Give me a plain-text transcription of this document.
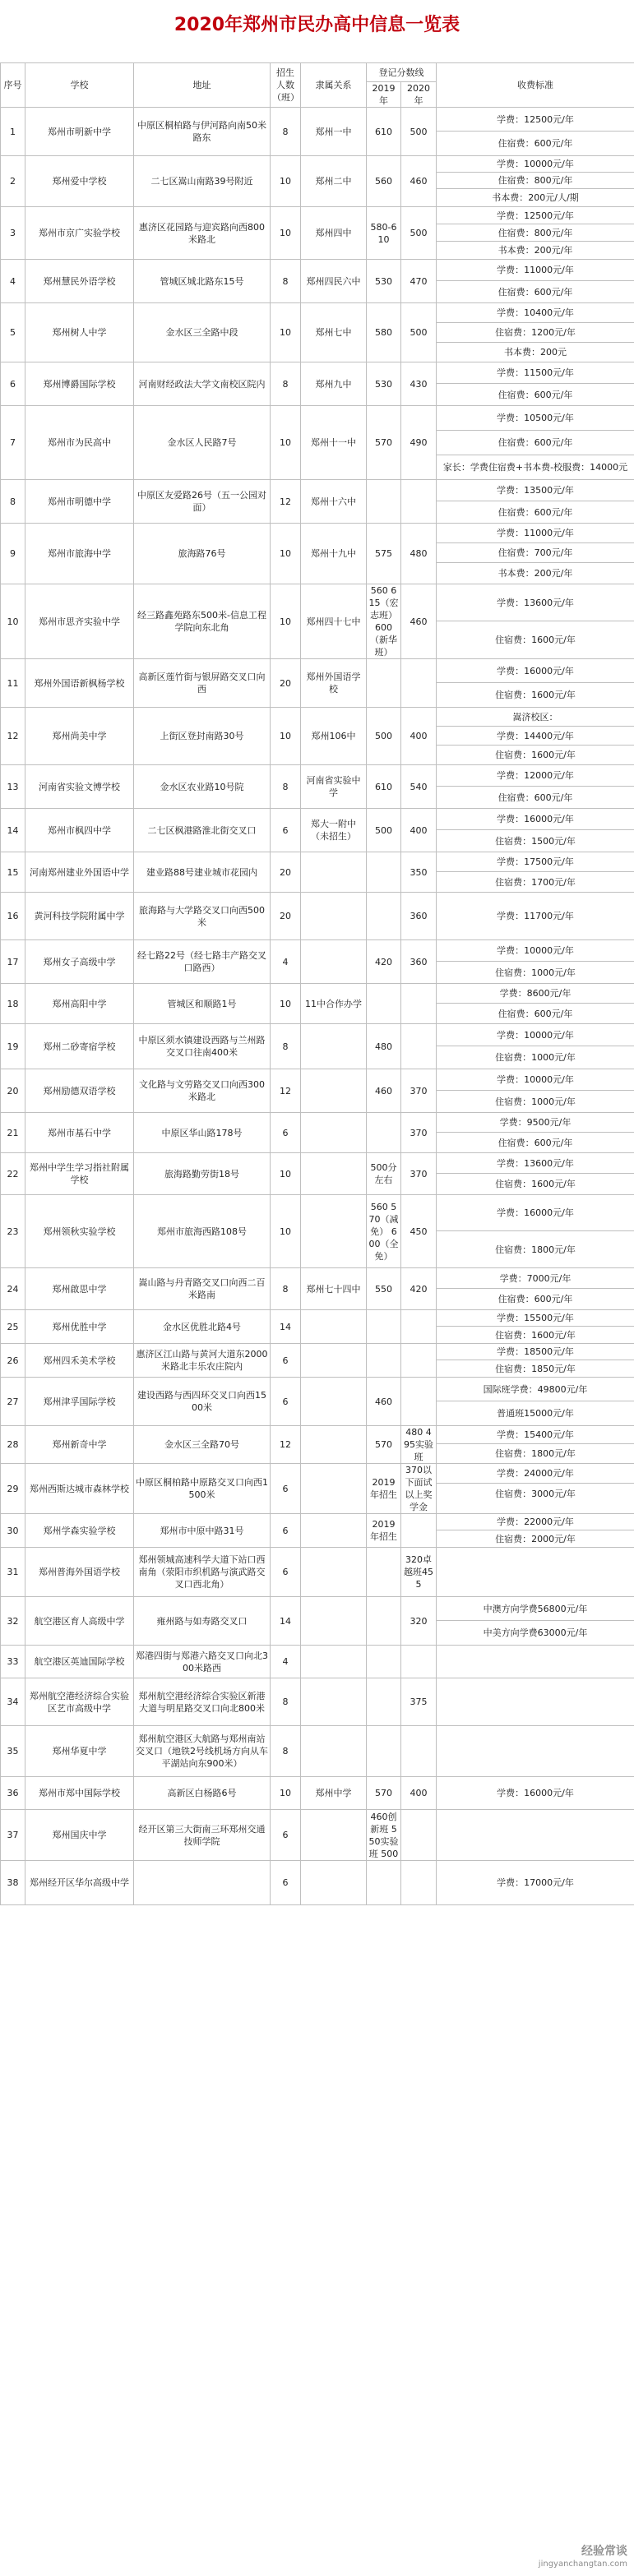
2020年郑州市民办高中信息一览表
序号	学校	地址	招生人数（班）	隶属关系	登记分数线		收费标准
					2019年	2020年	
1	郑州市明新中学	中原区桐柏路与伊河路向南50米路东	8	郑州一中	610	500	学费：12500元/年
住宿费：600元/年

2	郑州爱中学校	二七区嵩山南路39号附近	10	郑州二中	560	460	学费：10000元/年
住宿费：800元/年
书本费：200元/人/期

3	郑州市京广实验学校	惠济区花园路与迎宾路向西800米路北	10	郑州四中	580-610	500	学费：12500元/年
住宿费：800元/年
书本费：200元/年

4	郑州慧民外语学校	管城区城北路东15号	8	郑州四民六中	530	470	学费：11000元/年
住宿费：600元/年

5	郑州树人中学	金水区三全路中段	10	郑州七中	580	500	学费：10400元/年
住宿费：1200元/年
书本费：200元

6	郑州博爵国际学校	河南财经政法大学文南校区院内	8	郑州九中	530	430	学费：11500元/年
住宿费：600元/年

7	郑州市为民高中	金水区人民路7号	10	郑州十一中	570	490	学费：10500元/年
住宿费：600元/年
家长：学费住宿费+书本费-校服费：14000元

8	郑州市明德中学	中原区友爱路26号（五一公园对面）	12	郑州十六中			学费：13500元/年
住宿费：600元/年

9	郑州市旅海中学	旅海路76号	10	郑州十九中	575	480	学费：11000元/年
住宿费：700元/年
书本费：200元/年

10	郑州市思齐实验中学	经三路鑫苑路东500米-信息工程学院向东北角	10	郑州四十七中	560 615（宏志班） 600（新华班）	460	学费：13600元/年
住宿费：1600元/年

11	郑州外国语新枫杨学校	高新区莲竹街与银屏路交叉口向西	20	郑州外国语学校			学费：16000元/年
住宿费：1600元/年

12	郑州尚美中学	上街区登封南路30号	10	郑州106中	500	400	嵩济校区：
学费：14400元/年
住宿费：1600元/年

13	河南省实验文博学校	金水区农业路10号院	8	河南省实验中学	610	540	学费：12000元/年
住宿费：600元/年

14	郑州市枫四中学	二七区枫港路淮北街交叉口	6	郑大一附中（未招生）	500	400	学费：16000元/年
住宿费：1500元/年

15	河南郑州建业外国语中学	建业路88号建业城市花园内	20			350	学费：17500元/年
住宿费：1700元/年

16	黄河科技学院附属中学	旅海路与大学路交叉口向西500米	20			360	学费：11700元/年

17	郑州女子高级中学	经七路22号（经七路丰产路交叉口路西）	4		420	360	学费：10000元/年
住宿费：1000元/年

18	郑州高阳中学	管城区和顺路1号	10	11中合作办学			学费：8600元/年
住宿费：600元/年

19	郑州二砂寄宿学校	中原区须水镇建设西路与兰州路交叉口往南400米	8		480		学费：10000元/年
住宿费：1000元/年

20	郑州励德双语学校	文化路与文劳路交叉口向西300米路北	12		460	370	学费：10000元/年
住宿费：1000元/年

21	郑州市基石中学	中原区华山路178号	6			370	学费：9500元/年
住宿费：600元/年

22	郑州中学生学习指社附属学校	旅海路勤劳街18号	10		500分左右	370	学费：13600元/年
住宿费：1600元/年

23	郑州领秋实验学校	郑州市旅海西路108号	10		560 570（减免） 600（全免）	450	学费：16000元/年
住宿费：1800元/年

24	郑州啟思中学	嵩山路与丹青路交叉口向西二百米路南	8	郑州七十四中	550	420	学费：7000元/年
住宿费：600元/年

25	郑州优胜中学	金水区优胜北路4号	14				学费：15500元/年
住宿费：1600元/年

26	郑州四禾美术学校	惠济区江山路与黄河大道东2000米路北丰乐农庄院内	6				学费：18500元/年
住宿费：1850元/年

27	郑州津孚国际学校	建设西路与西四环交叉口向西1500米	6		460		国际班学费：49800元/年
普通班15000元/年

28	郑州新奇中学	金水区三全路70号	12		570	480 495实验班	学费：15400元/年
住宿费：1800元/年

29	郑州西斯达城市森林学校	中原区桐柏路中原路交叉口向西1500米	6		2019年招生	370以下面试以上奖学金	学费：24000元/年
住宿费：3000元/年

30	郑州学森实验学校	郑州市中原中路31号	6		2019年招生		学费：22000元/年
住宿费：2000元/年

31	郑州普海外国语学校	郑州领城高速科学大道下站口西南角（荥阳市织机路与演武路交叉口西北角）	6			320卓越班455	
32	航空港区育人高级中学	雍州路与如寿路交叉口	14			320	中澳方向学费56800元/年
中美方向学费63000元/年

33	航空港区英迪国际学校	郑港四街与郑港六路交叉口向北300米路西	4				
34	郑州航空港经济综合实验区艺市高级中学	郑州航空港经济综合实验区新港大道与明星路交叉口向北800米	8			375	
35	郑州华夏中学	郑州航空港区大航路与郑州南站交叉口（地铁2号线机场方向从车平湖站向东900米）	8				
36	郑州市郑中国际学校	高新区白杨路6号	10	郑州中学	570	400	学费：16000元/年

37	郑州国庆中学	经开区第三大街南三环郑州交通技师学院	6		460创新班 550实验班 500		
38	郑州经开区华尔高级中学		6				学费：17000元/年
经验常谈
jingyanchangtan.com
